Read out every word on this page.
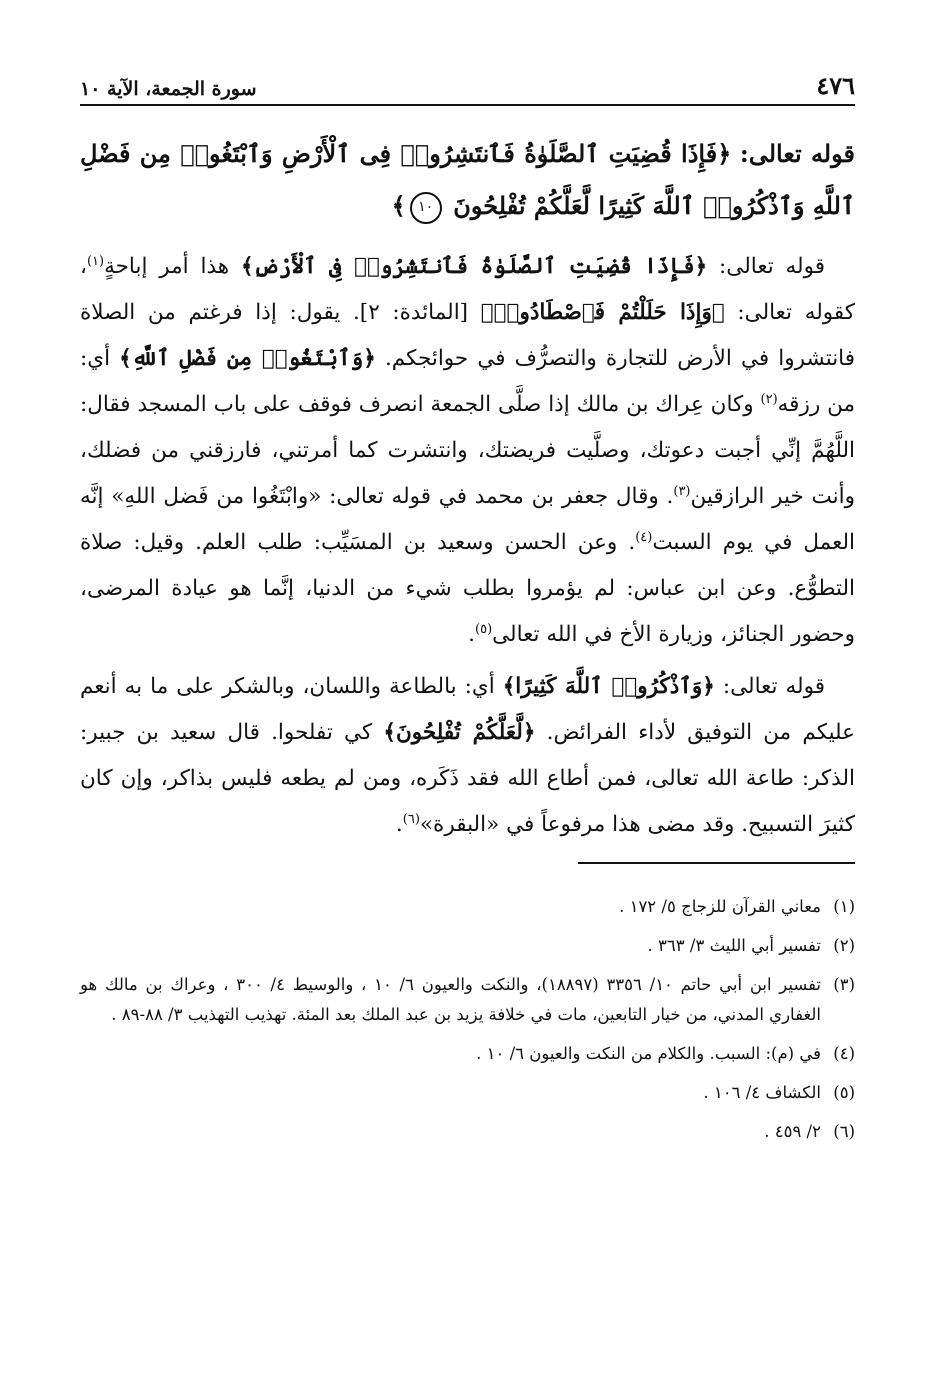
٤٧٦
سورة الجمعة، الآية ١٠
قوله تعالى: ﴿فَإِذَا قُضِيَتِ ٱلصَّلَوٰةُ فَٱنتَشِرُوا۟ فِى ٱلْأَرْضِ وَٱبْتَغُوا۟ مِن فَضْلِ ٱللَّهِ وَٱذْكُرُوا۟ ٱللَّهَ كَثِيرًا لَّعَلَّكُمْ تُفْلِحُونَ ١٠﴾

قوله تعالى: ﴿فَإِذَا قُضِيَتِ ٱلصَّلَوٰةُ فَٱنتَشِرُوا۟ فِى ٱلْأَرْضِ﴾ هذا أمر إباحةٍ$^{(١)}$، كقوله تعالى: ﴿وَإِذَا حَلَلْتُمْ فَٱصْطَادُوا۟﴾ [المائدة: ٢]. يقول: إذا فرغتم من الصلاة فانتشروا في الأرض للتجارة والتصرُّف في حوائجكم. ﴿وَٱبْتَغُوا۟ مِن فَضْلِ ٱللَّهِ﴾ أي: من رزقه$^{(٢)}$ وكان عِراك بن مالك إذا صلَّى الجمعة انصرف فوقف على باب المسجد فقال: اللَّهُمَّ إنِّي أجبت دعوتك، وصلَّيت فريضتك، وانتشرت كما أمرتني، فارزقني من فضلك، وأنت خير الرازقين$^{(٣)}$. وقال جعفر بن محمد في قوله تعالى: «وابْتَغُوا من فَضل اللهِ» إنَّه العمل في يوم السبت$^{(٤)}$. وعن الحسن وسعيد بن المسَيِّب: طلب العلم. وقيل: صلاة التطوُّع. وعن ابن عباس: لم يؤمروا بطلب شيء من الدنيا، إنَّما هو عيادة المرضى، وحضور الجنائز، وزيارة الأخ في الله تعالى$^{(٥)}$.

قوله تعالى: ﴿وَٱذْكُرُوا۟ ٱللَّهَ كَثِيرًا﴾ أي: بالطاعة واللسان، وبالشكر على ما به أنعم عليكم من التوفيق لأداء الفرائض. ﴿لَّعَلَّكُمْ تُفْلِحُونَ﴾ كي تفلحوا. قال سعيد بن جبير: الذكر: طاعة الله تعالى، فمن أطاع الله فقد ذَكَره، ومن لم يطعه فليس بذاكر، وإن كان كثيرَ التسبيح. وقد مضى هذا مرفوعاً في «البقرة»$^{(٦)}$.

(١)
معاني القرآن للزجاج ٥/ ١٧٢ .
(٢)
تفسير أبي الليث ٣/ ٣٦٣ .
(٣)
تفسير ابن أبي حاتم ١٠/ ٣٣٥٦ (١٨٨٩٧)، والنكت والعيون ٦/ ١٠ ، والوسيط ٤/ ٣٠٠ ، وعراك بن مالك هو الغفاري المدني، من خيار التابعين، مات في خلافة يزيد بن عبد الملك بعد المئة. تهذيب التهذيب ٣/ ٨٨-٨٩ .
(٤)
في (م): السبب. والكلام من النكت والعيون ٦/ ١٠ .
(٥)
الكشاف ٤/ ١٠٦ .
(٦)
٢/ ٤٥٩ .
